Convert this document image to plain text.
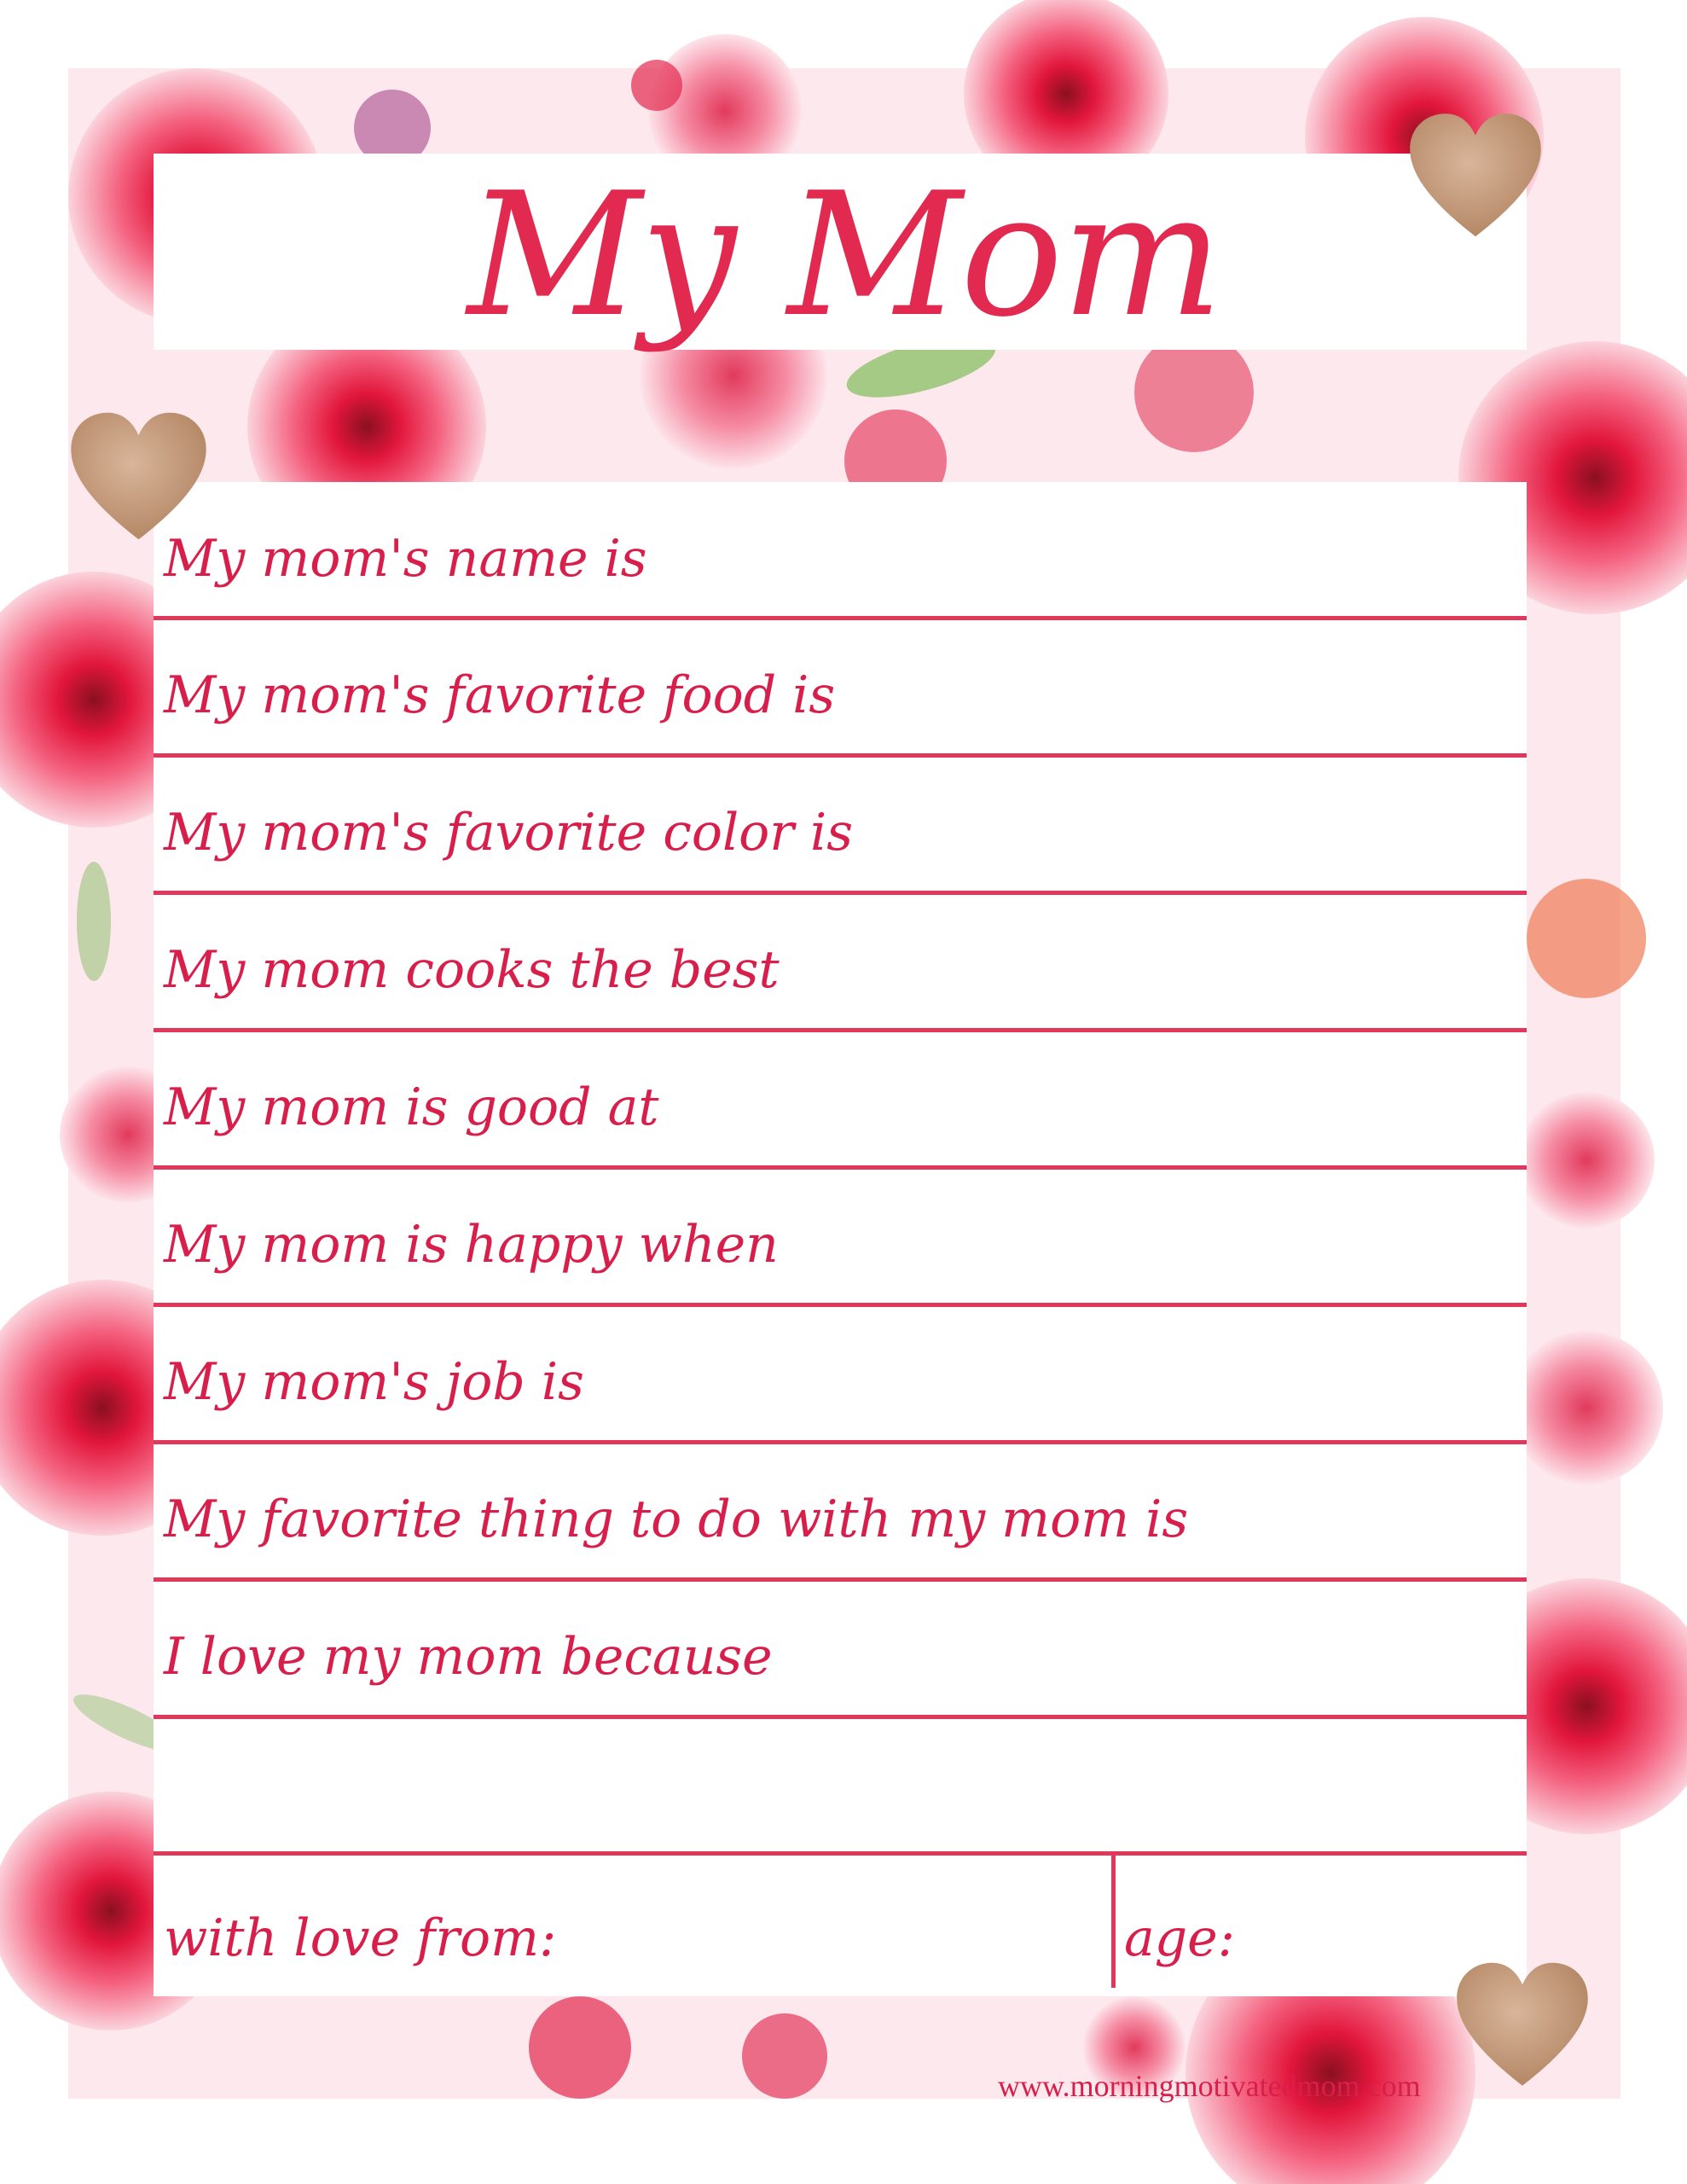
My Mom
My mom's name is
My mom's favorite food is
My mom's favorite color is
My mom cooks the best
My mom is good at
My mom is happy when
My mom's job is
My favorite thing to do with my mom is
I love my mom because
with love from:	age:
www.morningmotivatedmom.com
